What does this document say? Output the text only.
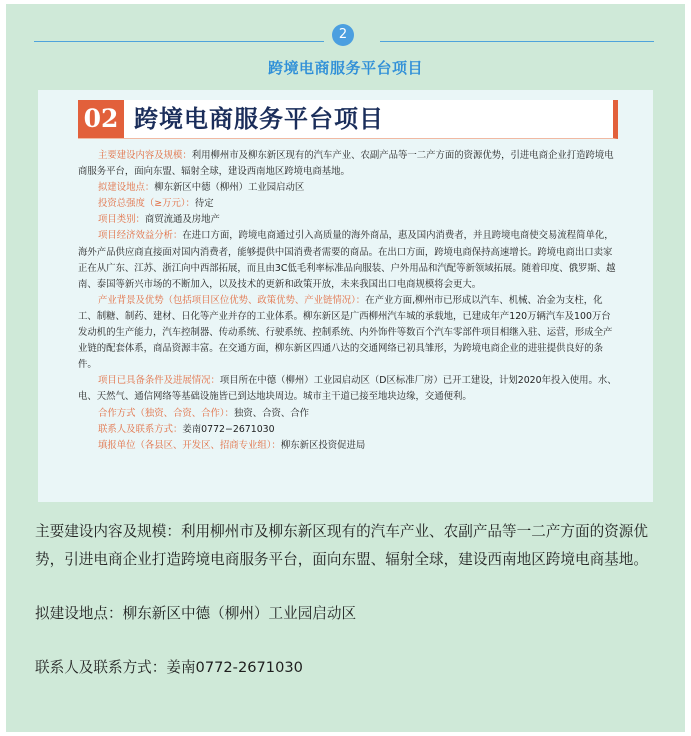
2
跨境电商服务平台项目
02 跨境电商服务平台项目

主要建设内容及规模：利用柳州市及柳东新区现有的汽车产业、农副产品等一二产方面的资源优势，引进电商企业打造跨境电商服务平台，面向东盟、辐射全球，建设西南地区跨境电商基地。

拟建设地点：柳东新区中德（柳州）工业园启动区

投资总强度（≥万元）：待定

项目类别：商贸流通及房地产

项目经济效益分析：在进口方面，跨境电商通过引入高质量的海外商品，惠及国内消费者，并且跨境电商使交易流程简单化，海外产品供应商直接面对国内消费者，能够提供中国消费者需要的商品。在出口方面，跨境电商保持高速增长。跨境电商出口卖家正在从广东、江苏、浙江向中西部拓展，而且由3C低毛利率标准品向服装、户外用品和汽配等新领域拓展。随着印度、俄罗斯、越南、泰国等新兴市场的不断加入，以及技术的更新和政策开放，未来我国出口电商规模将会更大。

产业背景及优势（包括项目区位优势、政策优势、产业链情况）：在产业方面,柳州市已形成以汽车、机械、冶金为支柱，化工、制糖、制药、建材、日化等产业并存的工业体系。柳东新区是广西柳州汽车城的承载地，已建成年产120万辆汽车及100万台发动机的生产能力，汽车控制器、传动系统、行驶系统、控制系统、内外饰件等数百个汽车零部件项目相继入驻、运营，形成全产业链的配套体系，商品资源丰富。在交通方面，柳东新区四通八达的交通网络已初具雏形，为跨境电商企业的进驻提供良好的条件。

项目已具备条件及进展情况：项目所在中德（柳州）工业园启动区（D区标准厂房）已开工建设，计划2020年投入使用。水、电、天然气、通信网络等基础设施皆已到达地块周边。城市主干道已接至地块边缘，交通便利。

合作方式（独资、合资、合作）：独资、合资、合作

联系人及联系方式：姜南0772−2671030

填报单位（各县区、开发区、招商专业组）：柳东新区投资促进局

主要建设内容及规模：利用柳州市及柳东新区现有的汽车产业、农副产品等一二产方面的资源优势，引进电商企业打造跨境电商服务平台，面向东盟、辐射全球，建设西南地区跨境电商基地。

拟建设地点：柳东新区中德（柳州）工业园启动区

联系人及联系方式：姜南0772-2671030
